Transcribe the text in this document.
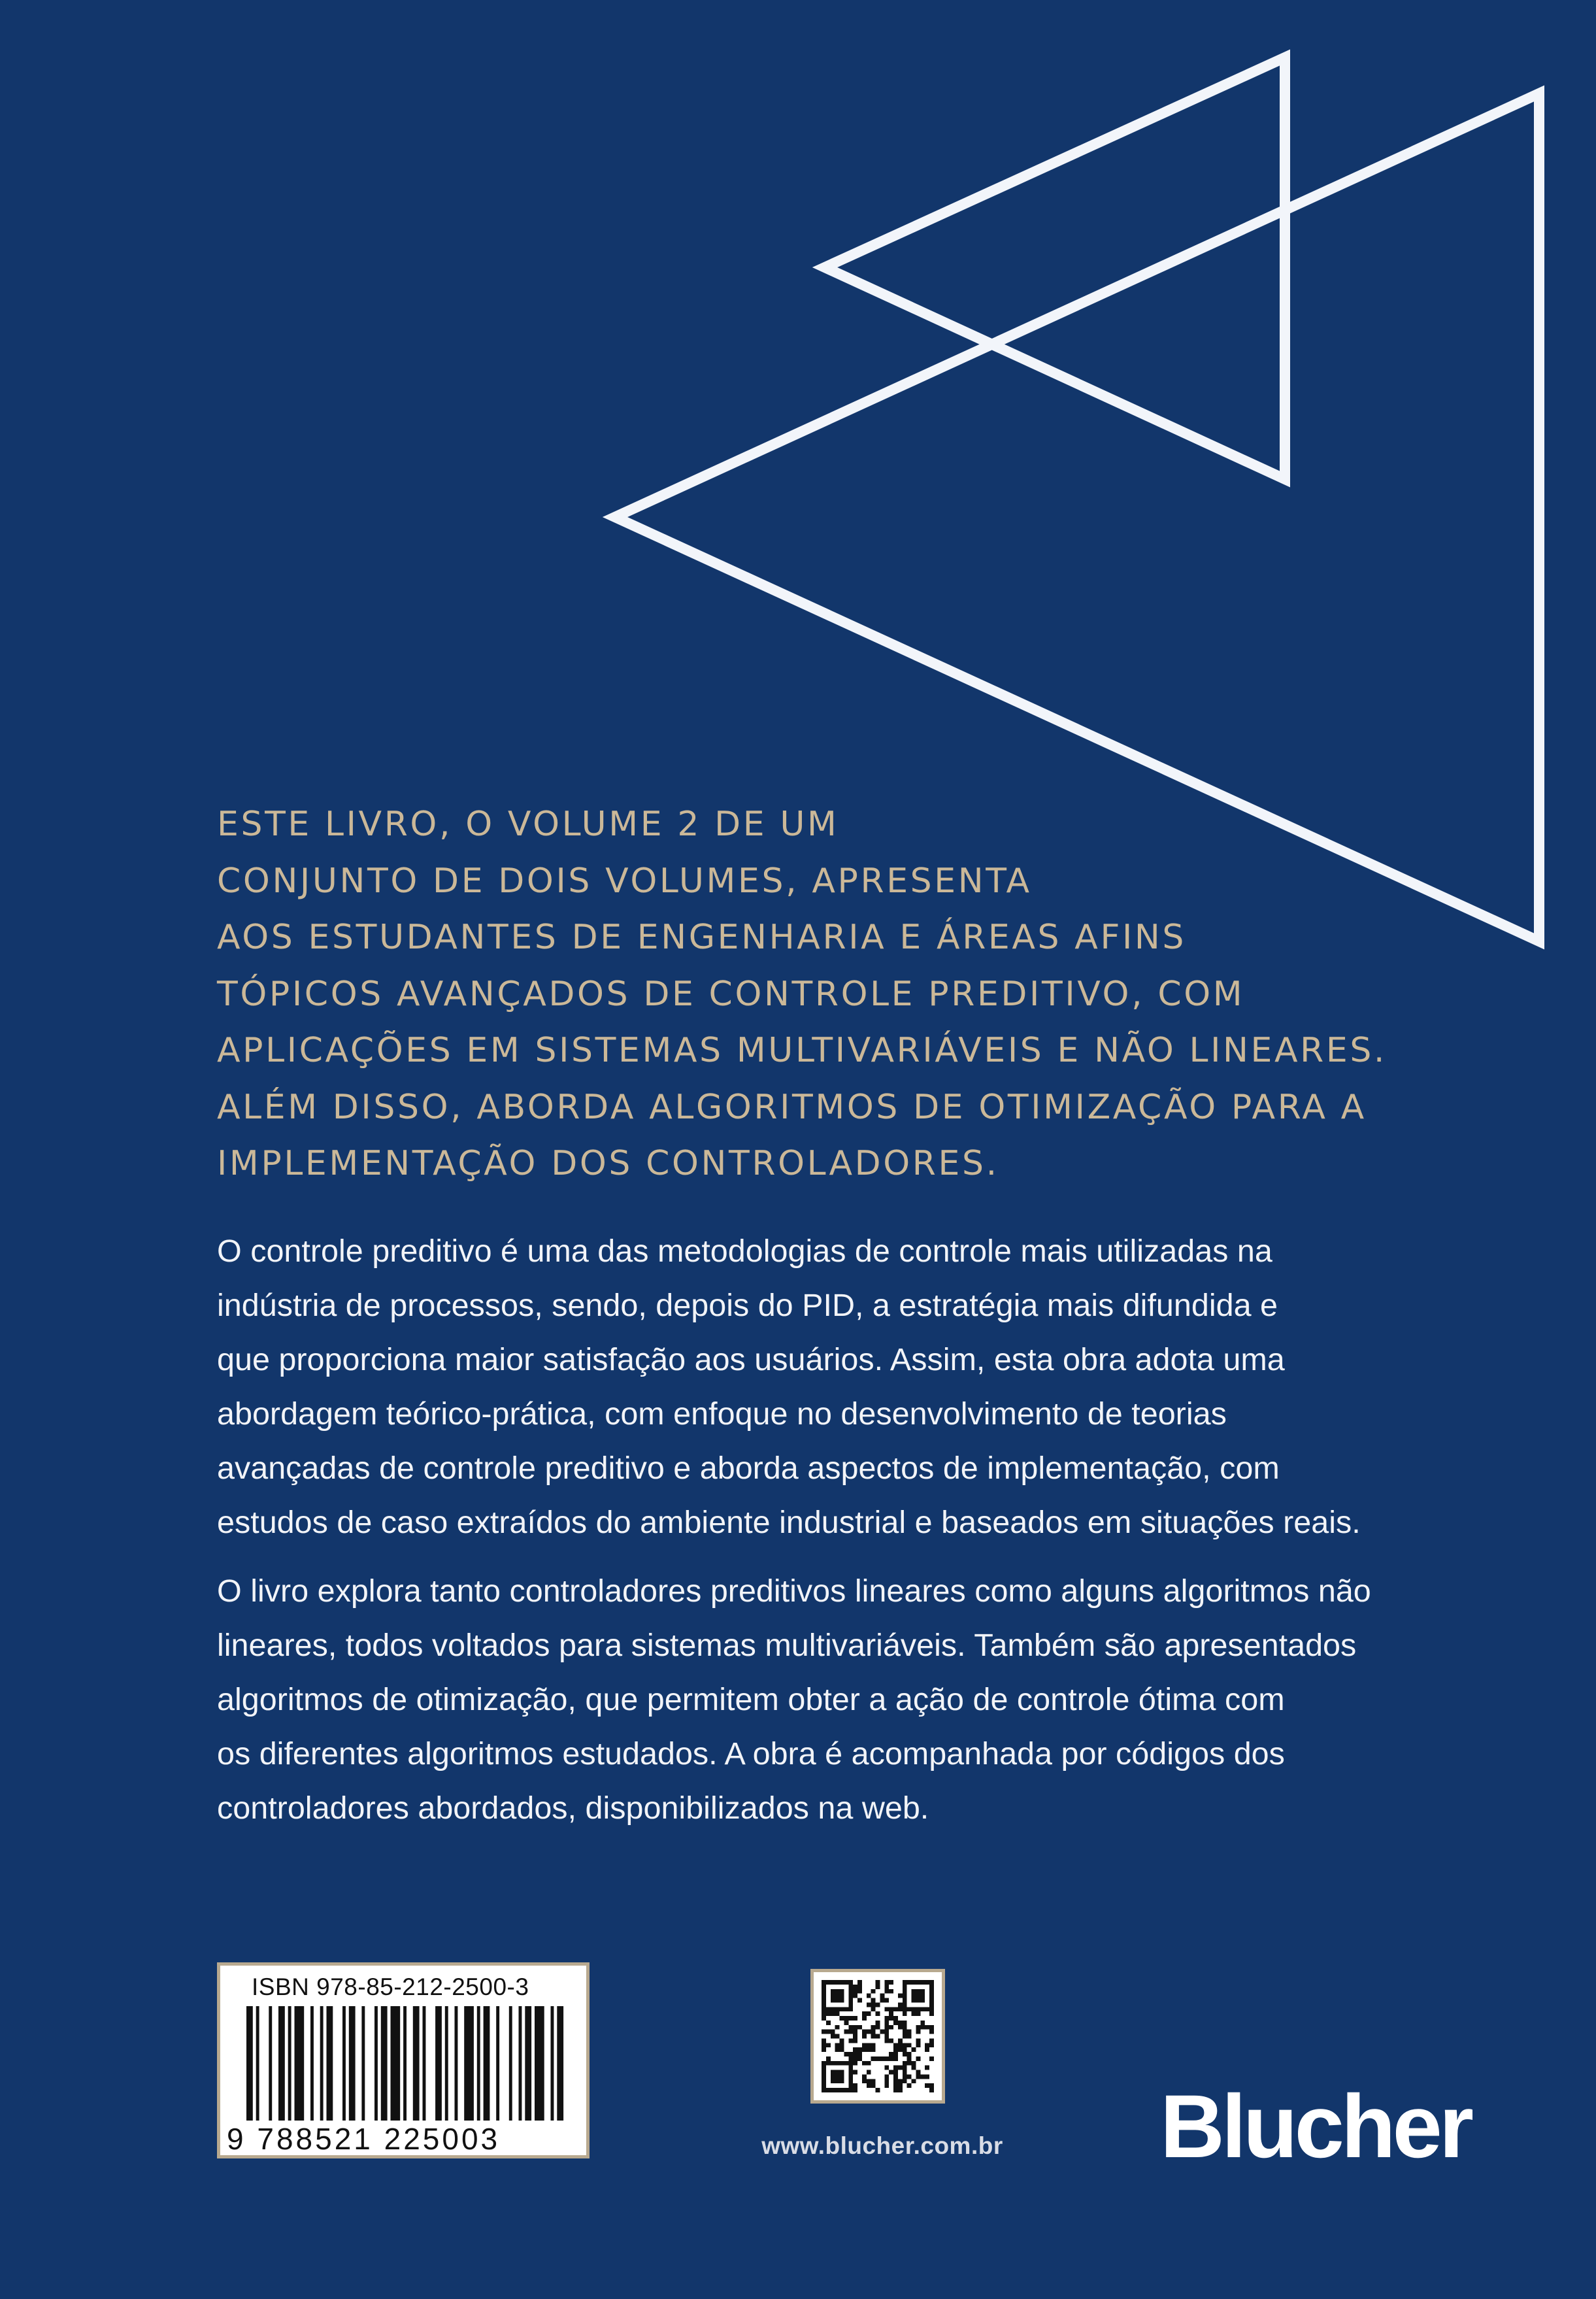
ESTE LIVRO, O VOLUME 2 DE UM
CONJUNTO DE DOIS VOLUMES, APRESENTA
AOS ESTUDANTES DE ENGENHARIA E ÁREAS AFINS
TÓPICOS AVANÇADOS DE CONTROLE PREDITIVO, COM
APLICAÇÕES EM SISTEMAS MULTIVARIÁVEIS E NÃO LINEARES.
ALÉM DISSO, ABORDA ALGORITMOS DE OTIMIZAÇÃO PARA A
IMPLEMENTAÇÃO DOS CONTROLADORES.

O controle preditivo é uma das metodologias de controle mais utilizadas na
indústria de processos, sendo, depois do PID, a estratégia mais difundida e
que proporciona maior satisfação aos usuários. Assim, esta obra adota uma
abordagem teórico-prática, com enfoque no desenvolvimento de teorias
avançadas de controle preditivo e aborda aspectos de implementação, com
estudos de caso extraídos do ambiente industrial e baseados em situações reais.

O livro explora tanto controladores preditivos lineares como alguns algoritmos não
lineares, todos voltados para sistemas multivariáveis. Também são apresentados
algoritmos de otimização, que permitem obter a ação de controle ótima com
os diferentes algoritmos estudados. A obra é acompanhada por códigos dos
controladores abordados, disponibilizados na web.

ISBN 978-85-212-2500-3
9 788521 225003	www.blucher.com.br Blucher
